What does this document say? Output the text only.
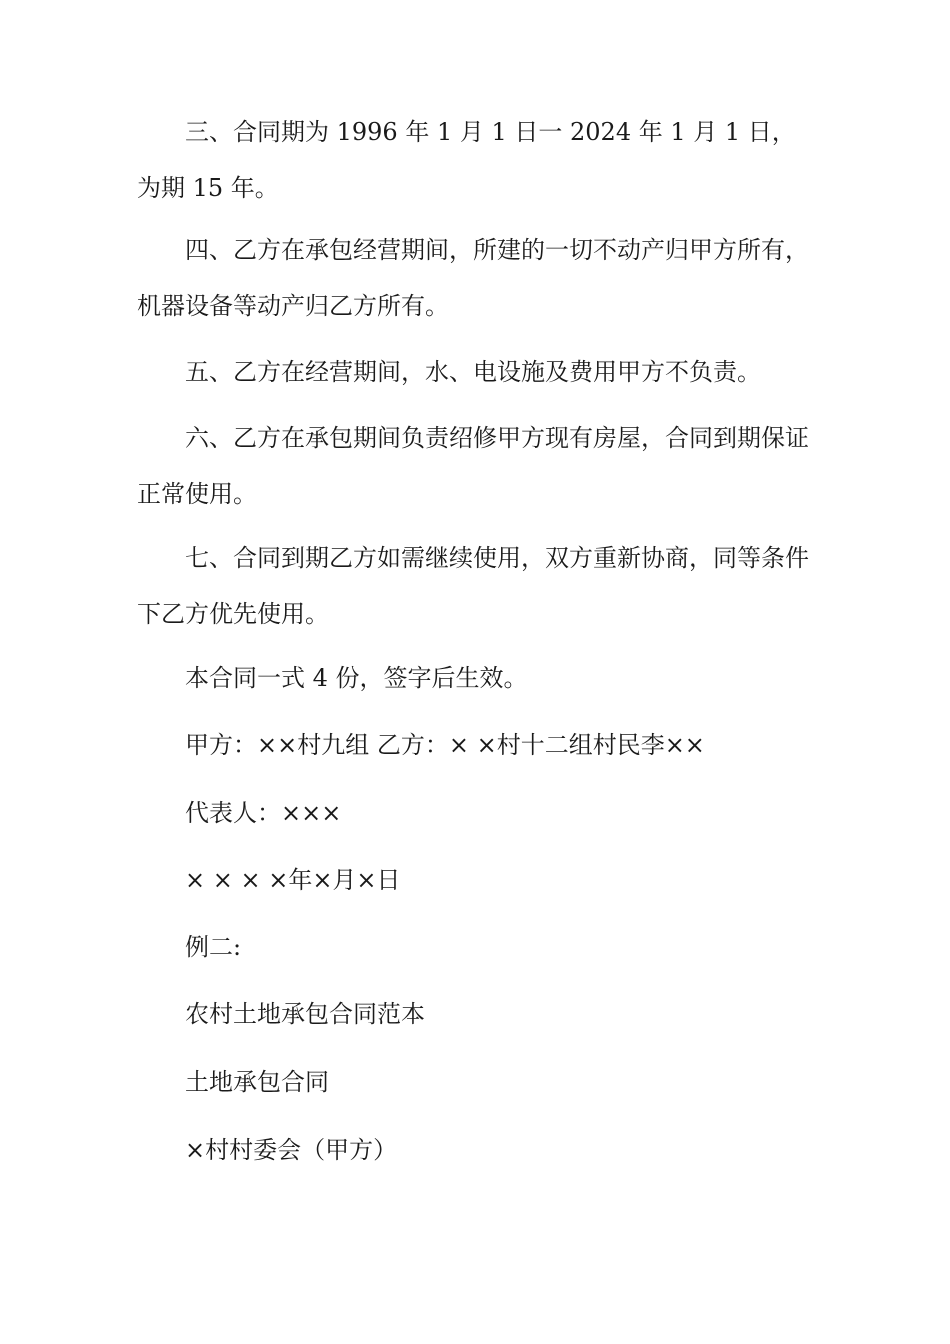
三、合同期为 1996 年 1 月 1 日一 2024 年 1 月 1 日，为期 15 年。

四、乙方在承包经营期间，所建的一切不动产归甲方所有，机器设备等动产归乙方所有。

五、乙方在经营期间，水、电设施及费用甲方不负责。

六、乙方在承包期间负责绍修甲方现有房屋，合同到期保证正常使用。

七、合同到期乙方如需继续使用，双方重新协商，同等条件下乙方优先使用。

本合同一式 4 份，签字后生效。
甲方：××村九组 乙方：× ×村十二组村民李××
代表人：×××
× × × ×年×月×日
例二:
农村土地承包合同范本
土地承包合同
×村村委会（甲方）
